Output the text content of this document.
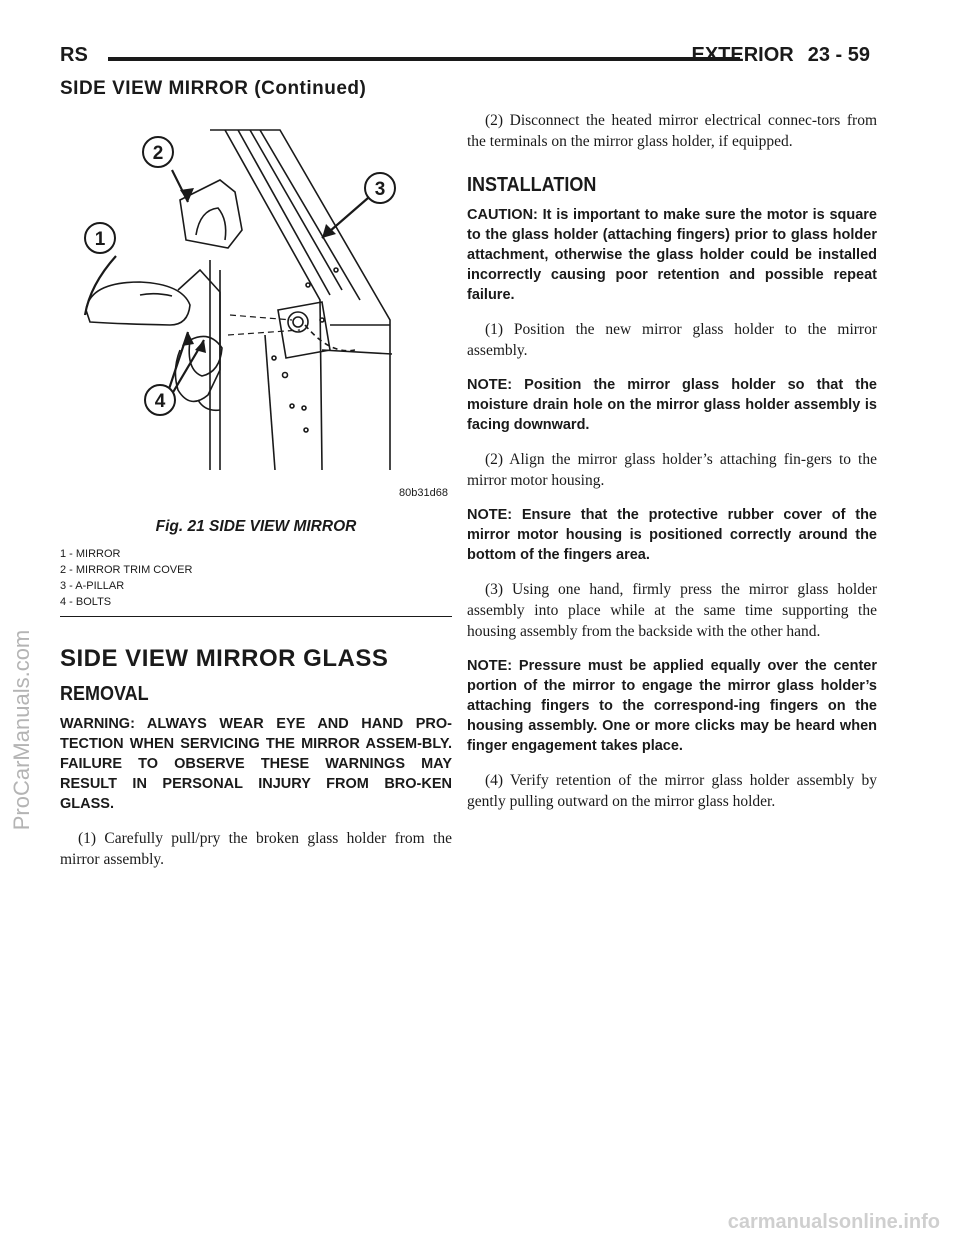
RS	EXTERIOR 23 - 59
SIDE VIEW MIRROR (Continued)
1
2
3
4
80b31d68
Fig. 21 SIDE VIEW MIRROR
1 - MIRROR
2 - MIRROR TRIM COVER
3 - A-PILLAR
4 - BOLTS
SIDE VIEW MIRROR GLASS
REMOVAL

WARNING: ALWAYS WEAR EYE AND HAND PRO-TECTION WHEN SERVICING THE MIRROR ASSEM-BLY. FAILURE TO OBSERVE THESE WARNINGS MAY RESULT IN PERSONAL INJURY FROM BRO-KEN GLASS.

(1) Carefully pull/pry the broken glass holder from the mirror assembly.

(2) Disconnect the heated mirror electrical connec-tors from the terminals on the mirror glass holder, if equipped.

INSTALLATION

CAUTION: It is important to make sure the motor is square to the glass holder (attaching fingers) prior to glass holder attachment, otherwise the glass holder could be installed incorrectly causing poor retention and possible repeat failure.

(1) Position the new mirror glass holder to the mirror assembly.

NOTE: Position the mirror glass holder so that the moisture drain hole on the mirror glass holder assembly is facing downward.

(2) Align the mirror glass holder’s attaching fin-gers to the mirror motor housing.

NOTE: Ensure that the protective rubber cover of the mirror motor housing is positioned correctly around the bottom of the fingers area.

(3) Using one hand, firmly press the mirror glass holder assembly into place while at the same time supporting the housing assembly from the backside with the other hand.

NOTE: Pressure must be applied equally over the center portion of the mirror to engage the mirror glass holder’s attaching fingers to the correspond-ing fingers on the housing assembly. One or more clicks may be heard when finger engagement takes place.

(4) Verify retention of the mirror glass holder assembly by gently pulling outward on the mirror glass holder.

ProCarManuals.com
carmanualsonline.info
